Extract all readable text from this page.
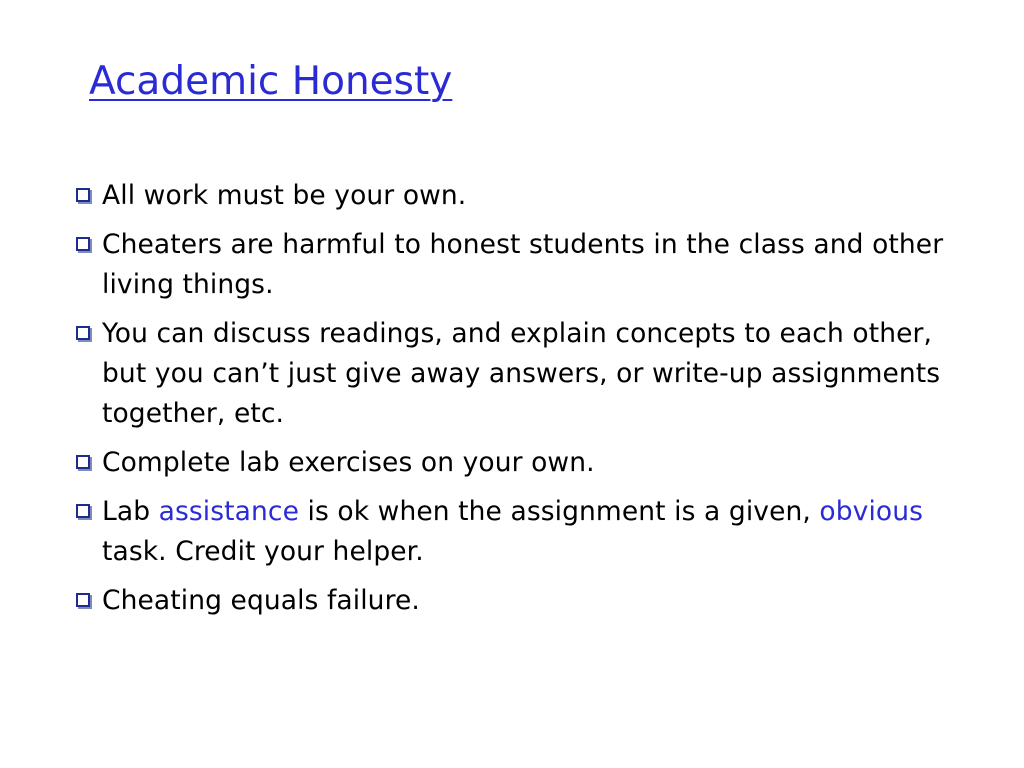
Academic Honesty
All work must be your own.
Cheaters are harmful to honest students in the class and other living things.
You can discuss readings, and explain concepts to each other, but you can’t just give away answers, or write-up assignments together, etc.
Complete lab exercises on your own.
Lab assistance is ok when the assignment is a given, obvious task. Credit your helper.
Cheating equals failure.
